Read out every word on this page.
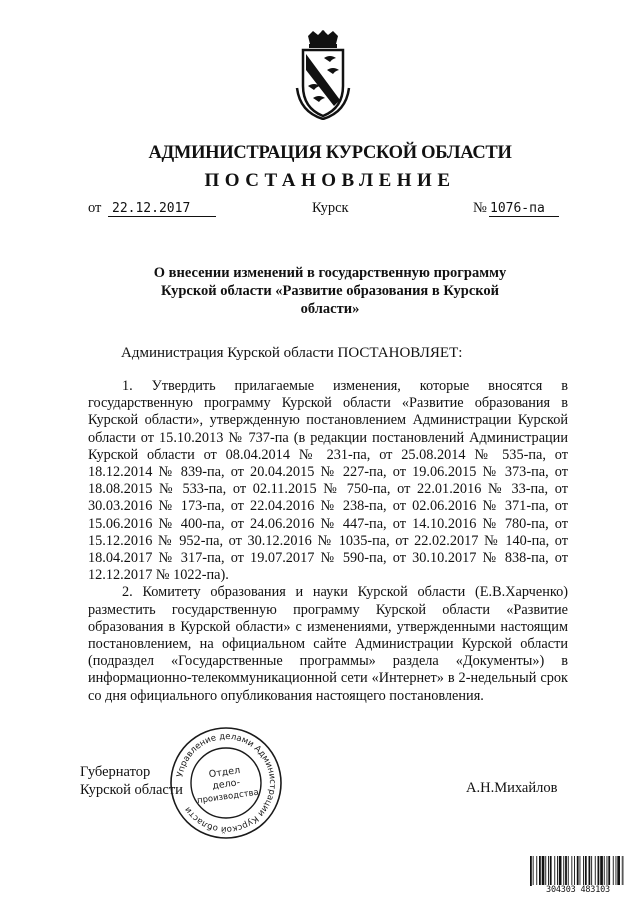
АДМИНИСТРАЦИЯ КУРСКОЙ ОБЛАСТИ
ПОСТАНОВЛЕНИЕ
от 22.12.2017	Курск	№ 1076-па
О внесении изменений в государственную программу Курской области «Развитие образования в Курской области»
Администрация Курской области ПОСТАНОВЛЯЕТ:

1. Утвердить прилагаемые изменения, которые вносятся в государственную программу Курской области «Развитие образования в Курской области», утвержденную постановлением Администрации Курской области от 15.10.2013 № 737-па (в редакции постановлений Администрации Курской области от 08.04.2014 № 231-па, от 25.08.2014 № 535-па, от 18.12.2014 № 839-па, от 20.04.2015 № 227-па, от 19.06.2015 № 373-па, от 18.08.2015 № 533-па, от 02.11.2015 № 750-па, от 22.01.2016 № 33-па, от 30.03.2016 № 173-па, от 22.04.2016 № 238-па, от 02.06.2016 № 371-па, от 15.06.2016 № 400-па, от 24.06.2016 № 447-па, от 14.10.2016 № 780-па, от 15.12.2016 № 952-па, от 30.12.2016 № 1035-па, от 22.02.2017 № 140-па, от 18.04.2017 № 317-па, от 19.07.2017 № 590-па, от 30.10.2017 № 838-па, от 12.12.2017 № 1022-па).

2. Комитету образования и науки Курской области (Е.В.Харченко) разместить государственную программу Курской области «Развитие образования в Курской области» с изменениями, утвержденными настоящим постановлением, на официальном сайте Администрации Курской области (подраздел «Государственные программы» раздела «Документы») в информационно-телекоммуникационной сети «Интернет» в 2-недельный срок со дня официального опубликования настоящего постановления.

Губернатор
Курской области	А.Н.Михайлов
Управление делами Администрации Курской области
Отдел
делo-
производства
304303 483103
